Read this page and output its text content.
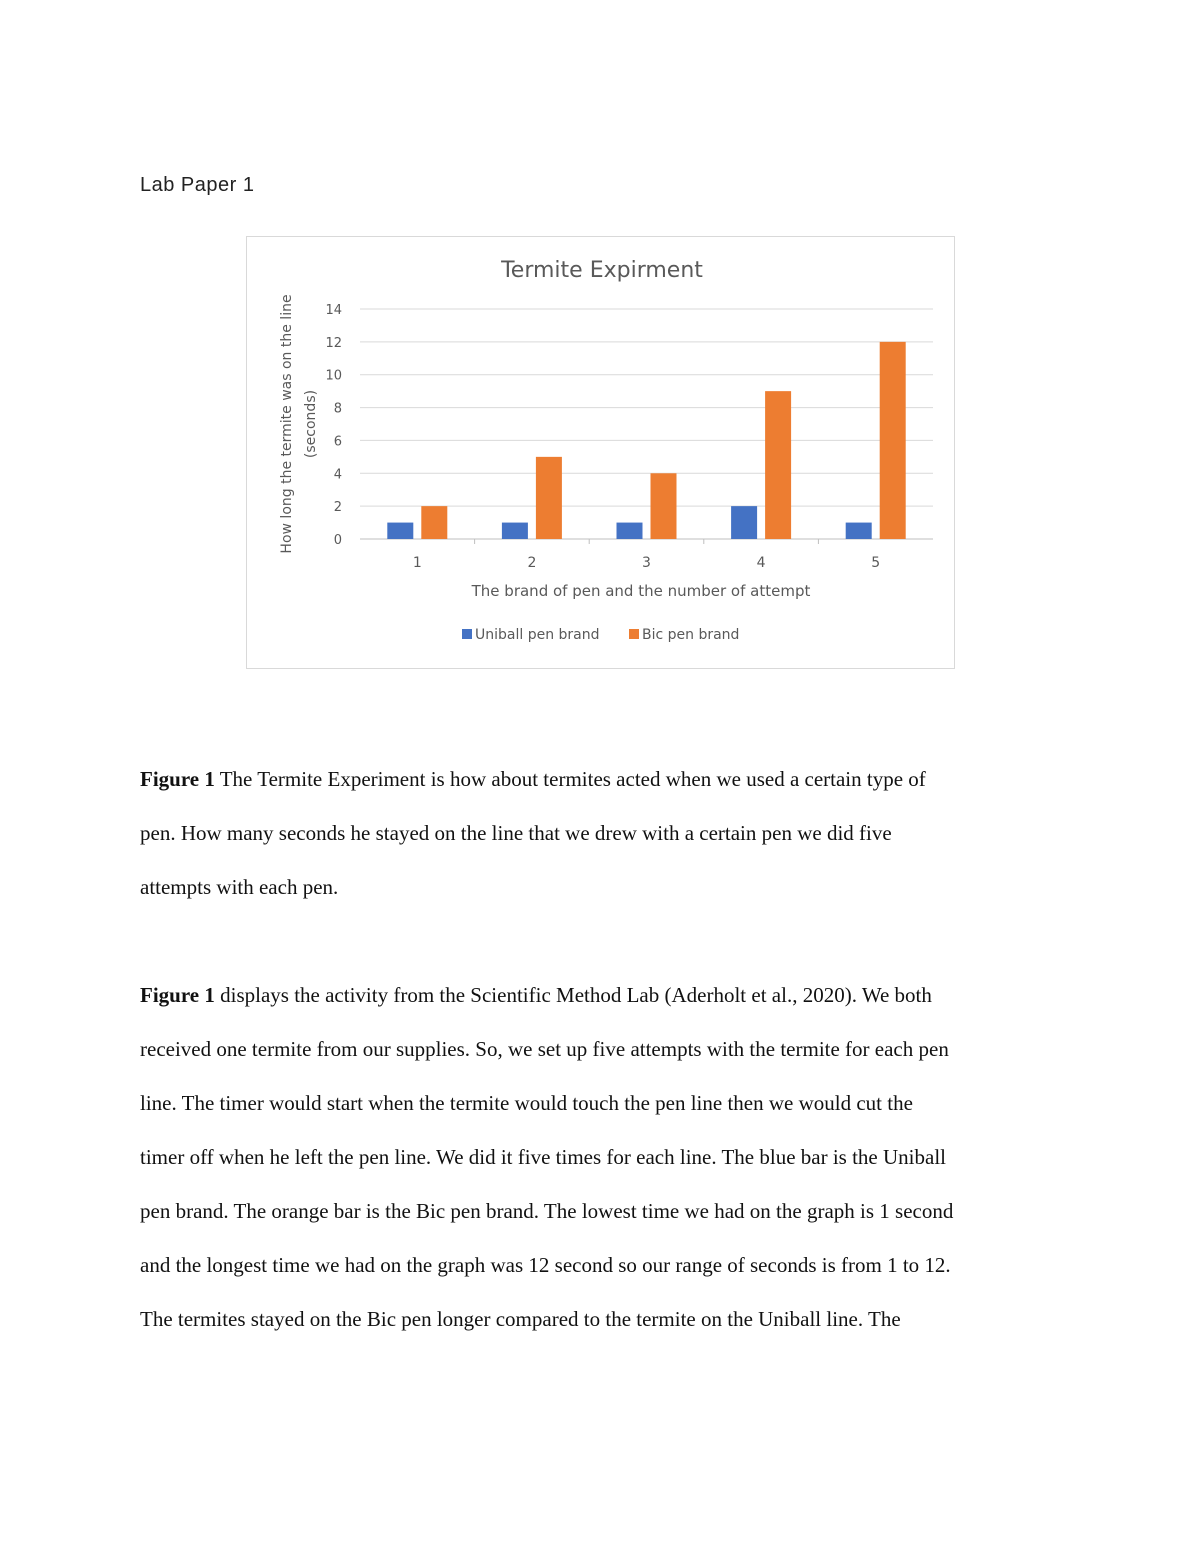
Lab Paper 1
Termite Expirment
0
2
4
6
8
10
12
14
1	2	3	4	5
The brand of pen and the number of attempt
How long the termite was on the line (seconds)
Uniball pen brand	Bic pen brand
Figure 1 The Termite Experiment is how about termites acted when we used a certain type of
pen. How many seconds he stayed on the line that we drew with a certain pen we did five
attempts with each pen.
Figure 1 displays the activity from the Scientific Method Lab (Aderholt et al., 2020). We both
received one termite from our supplies. So, we set up five attempts with the termite for each pen
line. The timer would start when the termite would touch the pen line then we would cut the
timer off when he left the pen line. We did it five times for each line. The blue bar is the Uniball
pen brand. The orange bar is the Bic pen brand. The lowest time we had on the graph is 1 second
and the longest time we had on the graph was 12 second so our range of seconds is from 1 to 12.
The termites stayed on the Bic pen longer compared to the termite on the Uniball line. The
